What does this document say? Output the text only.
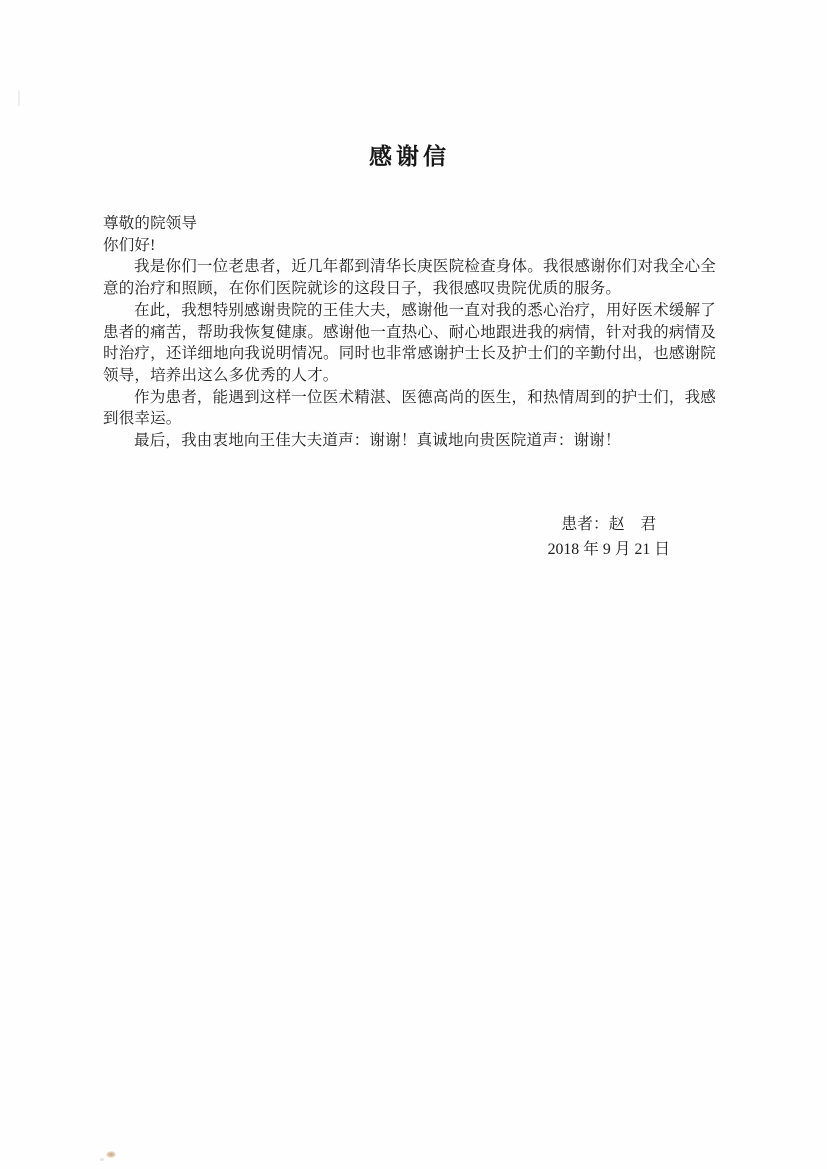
感谢信

尊敬的院领导

你们好!

我是你们一位老患者，近几年都到清华长庚医院检查身体。我很感谢你们对我全心全意的治疗和照顾，在你们医院就诊的这段日子，我很感叹贵院优质的服务。

在此，我想特别感谢贵院的王佳大夫，感谢他一直对我的悉心治疗，用好医术缓解了患者的痛苦，帮助我恢复健康。感谢他一直热心、耐心地跟进我的病情，针对我的病情及时治疗，还详细地向我说明情况。同时也非常感谢护士长及护士们的辛勤付出，也感谢院领导，培养出这么多优秀的人才。

作为患者，能遇到这样一位医术精湛、医德高尚的医生，和热情周到的护士们，我感到很幸运。

最后，我由衷地向王佳大夫道声：谢谢！真诚地向贵医院道声：谢谢！

患者：赵　君

2018 年 9 月 21 日
